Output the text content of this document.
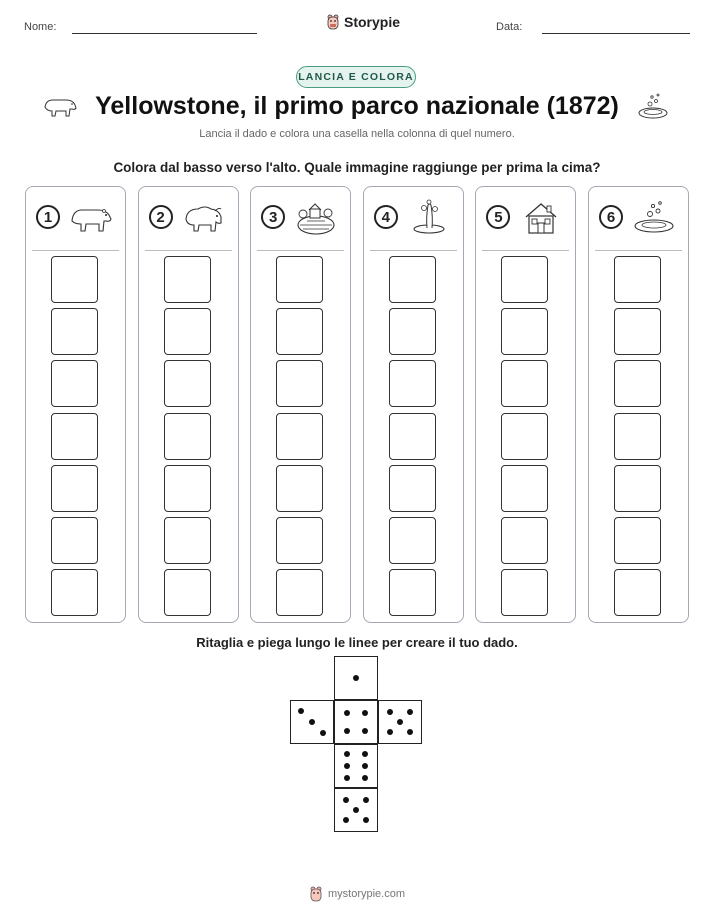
Nome:	Storypie	Data:
LANCIA E COLORA
Yellowstone, il primo parco nazionale (1872)
Lancia il dado e colora una casella nella colonna di quel numero.
Colora dal basso verso l'alto. Quale immagine raggiunge per prima la cima?
1	2	3	4	5	6
Ritaglia e piega lungo le linee per creare il tuo dado.
mystorypie.com
